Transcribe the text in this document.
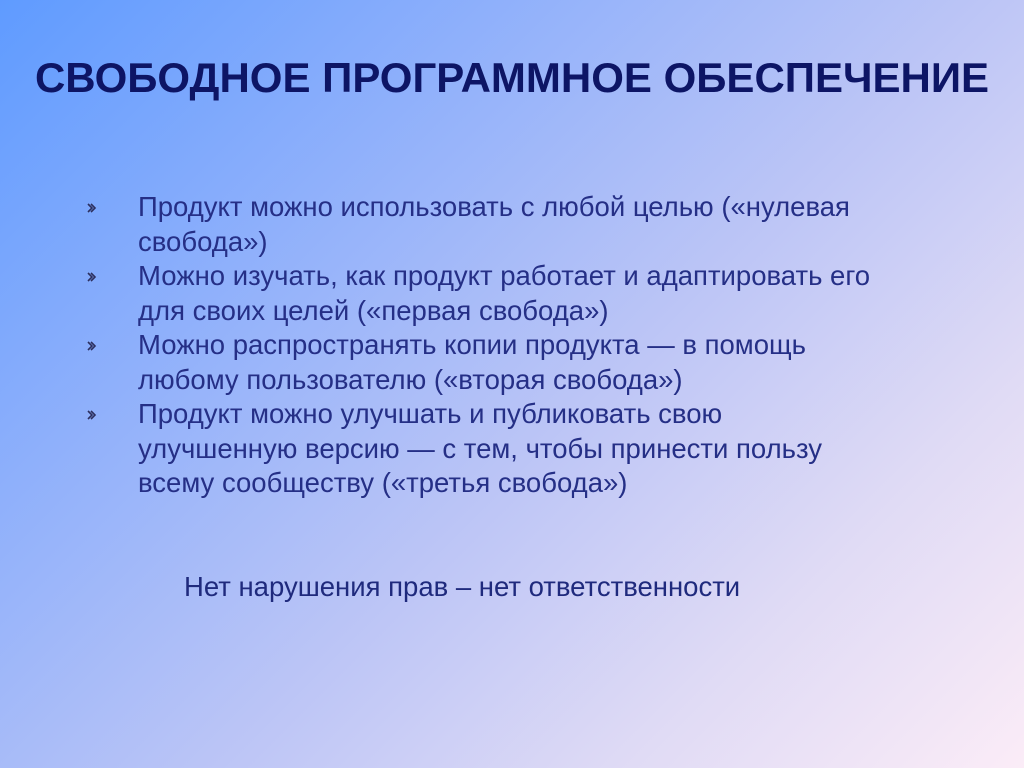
СВОБОДНОЕ ПРОГРАММНОЕ ОБЕСПЕЧЕНИЕ
Продукт можно использовать с любой целью («нулевая свобода»)
Можно изучать, как продукт работает и адаптировать его для своих целей («первая свобода»)
Можно распространять копии продукта — в помощь любому пользователю («вторая свобода»)
Продукт можно улучшать и публиковать свою улучшенную версию — с тем, чтобы принести пользу всему сообществу («третья свобода»)
Нет нарушения прав – нет ответственности
